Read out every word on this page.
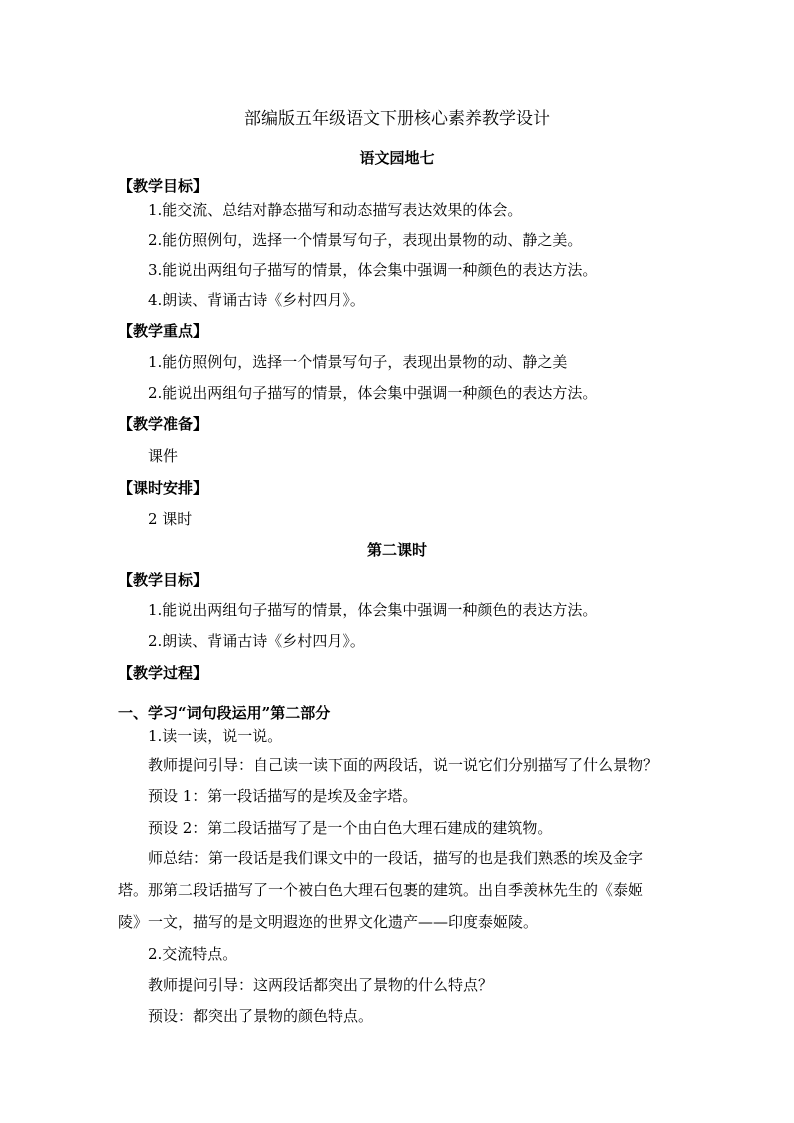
部编版五年级语文下册核心素养教学设计
语文园地七
【教学目标】
1.能交流、总结对静态描写和动态描写表达效果的体会。
2.能仿照例句，选择一个情景写句子，表现出景物的动、静之美。
3.能说出两组句子描写的情景，体会集中强调一种颜色的表达方法。
4.朗读、背诵古诗《乡村四月》。
【教学重点】
1.能仿照例句，选择一个情景写句子，表现出景物的动、静之美
2.能说出两组句子描写的情景，体会集中强调一种颜色的表达方法。
【教学准备】
课件
【课时安排】
2 课时
第二课时
【教学目标】
1.能说出两组句子描写的情景，体会集中强调一种颜色的表达方法。
2.朗读、背诵古诗《乡村四月》。
【教学过程】
一、学习“词句段运用”第二部分
1.读一读，说一说。
教师提问引导：自己读一读下面的两段话，说一说它们分别描写了什么景物？
预设 1：第一段话描写的是埃及金字塔。
预设 2：第二段话描写了是一个由白色大理石建成的建筑物。
师总结：第一段话是我们课文中的一段话，描写的也是我们熟悉的埃及金字
塔。那第二段话描写了一个被白色大理石包裹的建筑。出自季羡林先生的《泰姬
陵》一文，描写的是文明遐迩的世界文化遗产——印度泰姬陵。
2.交流特点。
教师提问引导：这两段话都突出了景物的什么特点？
预设：都突出了景物的颜色特点。
